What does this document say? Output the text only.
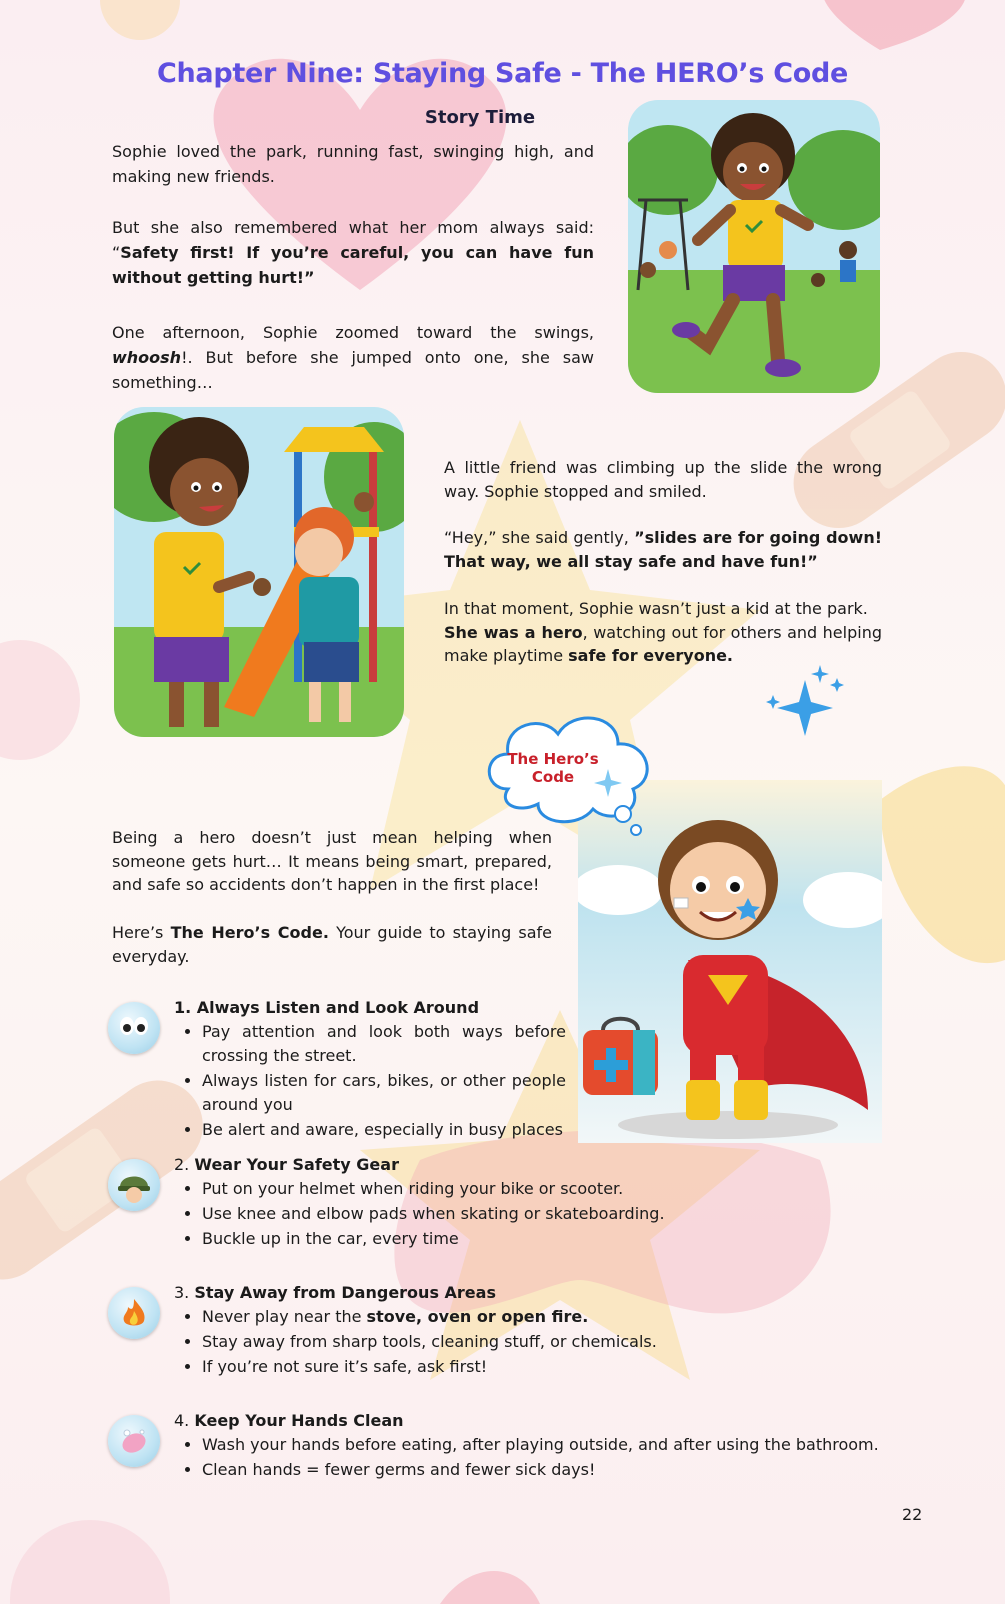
Chapter Nine: Staying Safe - The HERO’s Code
Story Time

Sophie loved the park, running fast, swinging high, and making new friends.

But she also remembered what her mom always said: “Safety first! If you’re careful, you can have fun without getting hurt!”

One afternoon, Sophie zoomed toward the swings, whoosh!. But before she jumped onto one, she saw something…

A little friend was climbing up the slide the wrong way. Sophie stopped and smiled.

“Hey,” she said gently, ”slides are for going down! That way, we all stay safe and have fun!”

In that moment, Sophie wasn’t just a kid at the park.
She was a hero, watching out for others and helping make playtime safe for everyone.

The Hero’s Code

Being a hero doesn’t just mean helping when someone gets hurt… It means being smart, prepared, and safe so accidents don’t happen in the first place!

Here’s The Hero’s Code. Your guide to staying safe everyday.

1. Always Listen and Look Around
• Pay attention and look both ways before crossing the street.
• Always listen for cars, bikes, or other people around you
• Be alert and aware, especially in busy places
2. Wear Your Safety Gear
• Put on your helmet when riding your bike or scooter.
• Use knee and elbow pads when skating or skateboarding.
• Buckle up in the car, every time
3. Stay Away from Dangerous Areas
• Never play near the stove, oven or open fire.
• Stay away from sharp tools, cleaning stuff, or chemicals.
• If you’re not sure it’s safe, ask first!
4. Keep Your Hands Clean
• Wash your hands before eating, after playing outside, and after using the bathroom.
• Clean hands = fewer germs and fewer sick days!
22
